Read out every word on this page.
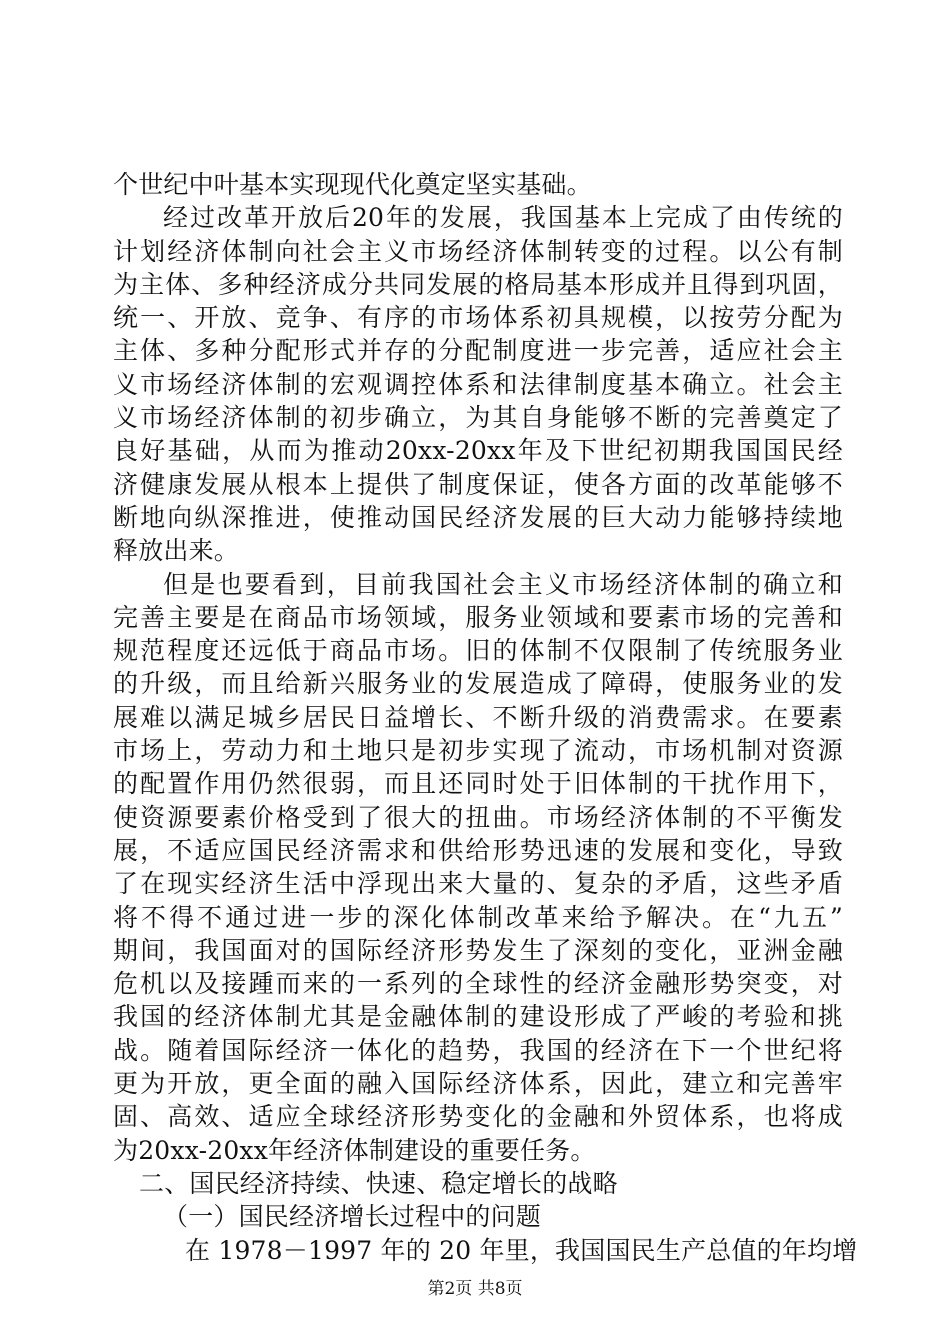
个世纪中叶基本实现现代化奠定坚实基础。
经过改革开放后20年的发展，我国基本上完成了由传统的
计划经济体制向社会主义市场经济体制转变的过程。以公有制
为主体、多种经济成分共同发展的格局基本形成并且得到巩固，
统一、开放、竞争、有序的市场体系初具规模，以按劳分配为
主体、多种分配形式并存的分配制度进一步完善，适应社会主
义市场经济体制的宏观调控体系和法律制度基本确立。社会主
义市场经济体制的初步确立，为其自身能够不断的完善奠定了
良好基础，从而为推动20xx-20xx年及下世纪初期我国国民经
济健康发展从根本上提供了制度保证，使各方面的改革能够不
断地向纵深推进，使推动国民经济发展的巨大动力能够持续地
释放出来。
但是也要看到，目前我国社会主义市场经济体制的确立和
完善主要是在商品市场领域，服务业领域和要素市场的完善和
规范程度还远低于商品市场。旧的体制不仅限制了传统服务业
的升级，而且给新兴服务业的发展造成了障碍，使服务业的发
展难以满足城乡居民日益增长、不断升级的消费需求。在要素
市场上，劳动力和土地只是初步实现了流动，市场机制对资源
的配置作用仍然很弱，而且还同时处于旧体制的干扰作用下，
使资源要素价格受到了很大的扭曲。市场经济体制的不平衡发
展，不适应国民经济需求和供给形势迅速的发展和变化，导致
了在现实经济生活中浮现出来大量的、复杂的矛盾，这些矛盾
将不得不通过进一步的深化体制改革来给予解决。在“九五”
期间，我国面对的国际经济形势发生了深刻的变化，亚洲金融
危机以及接踵而来的一系列的全球性的经济金融形势突变，对
我国的经济体制尤其是金融体制的建设形成了严峻的考验和挑
战。随着国际经济一体化的趋势，我国的经济在下一个世纪将
更为开放，更全面的融入国际经济体系，因此，建立和完善牢
固、高效、适应全球经济形势变化的金融和外贸体系，也将成
为20xx-20xx年经济体制建设的重要任务。
二、国民经济持续、快速、稳定增长的战略
（一）国民经济增长过程中的问题
在 1978－1997 年的 20 年里，我国国民生产总值的年均增
第2页 共8页
